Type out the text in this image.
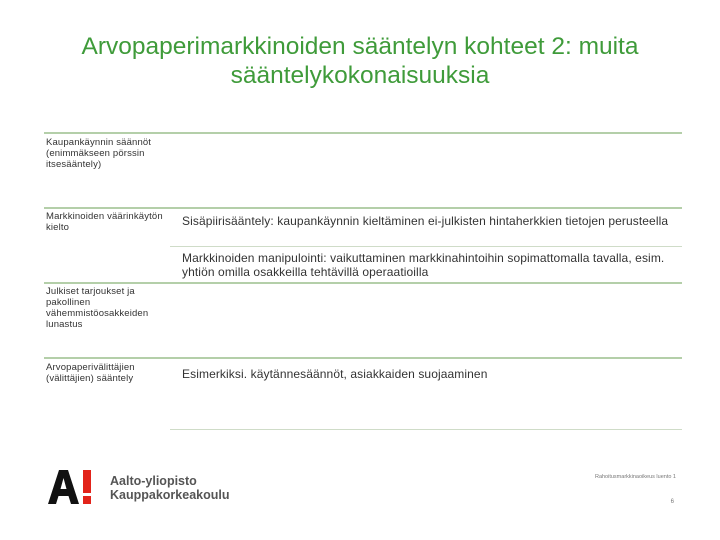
Arvopaperimarkkinoiden sääntelyn kohteet 2: muita sääntelykokonaisuuksia
Kaupankäynnin säännöt (enimmäkseen pörssin itsesääntely)
Markkinoiden väärinkäytön kielto	Sisäpiirisääntely: kaupankäynnin kieltäminen ei-julkisten hintaherkkien tietojen perusteella
Markkinoiden manipulointi: vaikuttaminen markkinahintoihin sopimattomalla tavalla, esim. yhtiön omilla osakkeilla tehtävillä operaatioilla
Julkiset tarjoukset ja pakollinen vähemmistöosakkeiden lunastus
Arvopaperivälittäjien (välittäjien) sääntely	Esimerkiksi. käytännesäännöt, asiakkaiden suojaaminen
Aalto-yliopisto
Kauppakorkeakoulu
Rahoitusmarkkinaoikeus luento 1
6
